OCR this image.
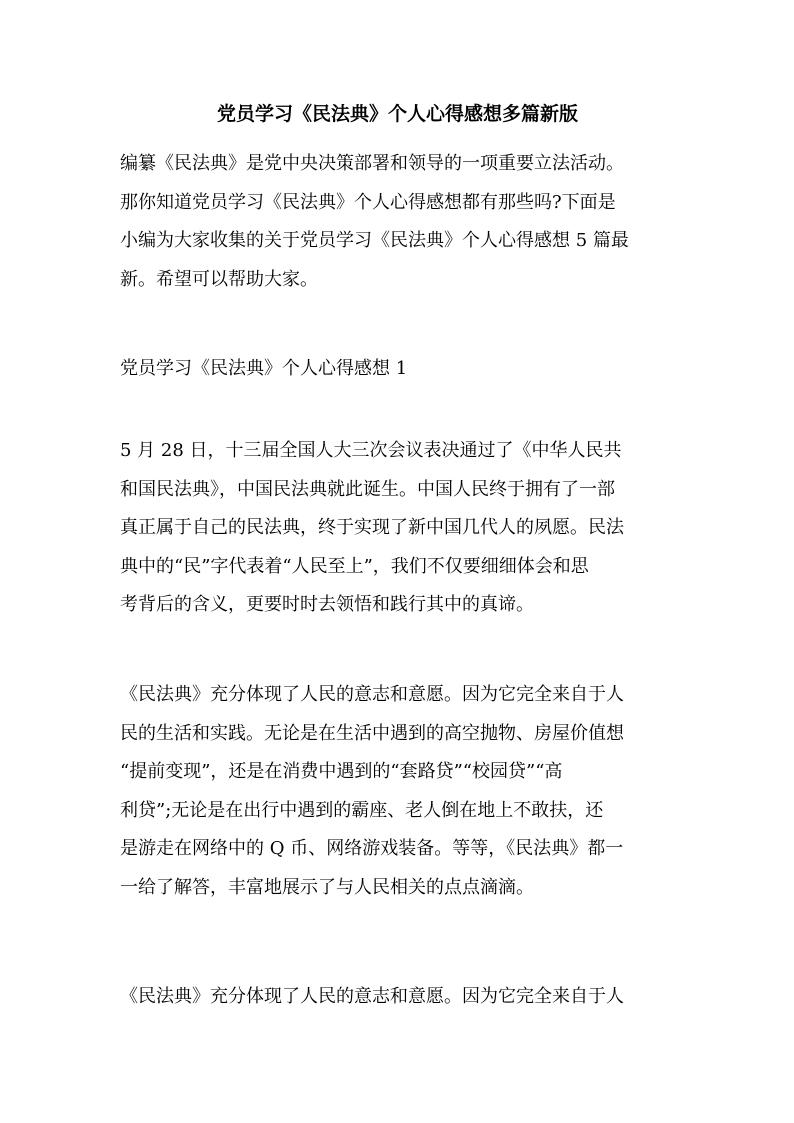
党员学习《民法典》个人心得感想多篇新版
编纂《民法典》是党中央决策部署和领导的一项重要立法活动。
那你知道党员学习《民法典》个人心得感想都有那些吗?下面是
小编为大家收集的关于党员学习《民法典》个人心得感想 5 篇最
新。希望可以帮助大家。
党员学习《民法典》个人心得感想 1
5 月 28 日，十三届全国人大三次会议表决通过了《中华人民共
和国民法典》，中国民法典就此诞生。中国人民终于拥有了一部
真正属于自己的民法典，终于实现了新中国几代人的夙愿。民法
典中的“民”字代表着“人民至上”，我们不仅要细细体会和思
考背后的含义，更要时时去领悟和践行其中的真谛。
《民法典》充分体现了人民的意志和意愿。因为它完全来自于人
民的生活和实践。无论是在生活中遇到的高空抛物、房屋价值想
“提前变现”，还是在消费中遇到的“套路贷”“校园贷”“高
利贷”;无论是在出行中遇到的霸座、老人倒在地上不敢扶，还
是游走在网络中的 Q 币、网络游戏装备。等等，《民法典》都一
一给了解答，丰富地展示了与人民相关的点点滴滴。
《民法典》充分体现了人民的意志和意愿。因为它完全来自于人
